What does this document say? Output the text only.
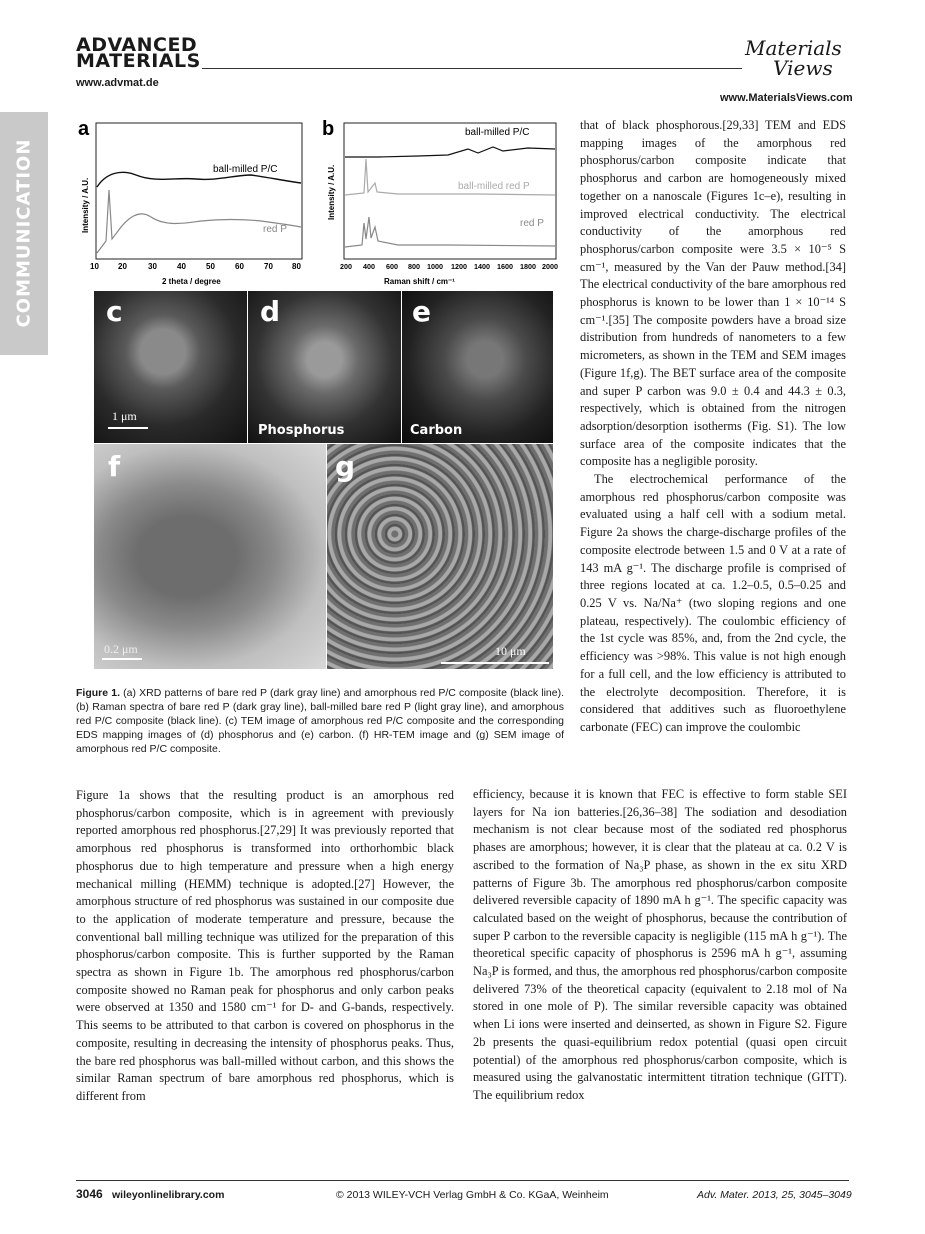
COMMUNICATION
ADVANCED
MATERIALS
www.advmat.de
Materials
Views
www.MaterialsViews.com
a
Intensity / A.U.
ball-milled P/C
red P
10 20	30	40	50	60	70 80
2 theta / degree
b
Intensity / A.U.
ball-milled P/C
ball-milled red P
red P
200 400 600 800 1000 1200 1400 1600 1800 2000
Raman shift / cm⁻¹
c
1 μm
d
Phosphorus
e
Carbon
f
0.2 μm
g
10 μm
Figure 1. (a) XRD patterns of bare red P (dark gray line) and amorphous red P/C composite (black line). (b) Raman spectra of bare red P (dark gray line), ball-milled bare red P (light gray line), and amorphous red P/C composite (black line). (c) TEM image of amorphous red P/C composite and the corresponding EDS mapping images of (d) phosphorus and (e) carbon. (f) HR-TEM image and (g) SEM image of amorphous red P/C composite.

that of black phosphorous.[29,33] TEM and EDS mapping images of the amorphous red phosphorus/carbon composite indicate that phosphorus and carbon are homogeneously mixed together on a nanoscale (Figures 1c–e), resulting in improved electrical conductivity. The electrical conductivity of the amorphous red phosphorus/carbon composite were 3.5 × 10⁻⁵ S cm⁻¹, measured by the Van der Pauw method.[34] The electrical conductivity of the bare amorphous red phosphorus is known to be lower than 1 × 10⁻¹⁴ S cm⁻¹.[35] The composite powders have a broad size distribution from hundreds of nanometers to a few micrometers, as shown in the TEM and SEM images (Figure 1f,g). The BET surface area of the composite and super P carbon was 9.0 ± 0.4 and 44.3 ± 0.3, respectively, which is obtained from the nitrogen adsorption/desorption isotherms (Fig. S1). The low surface area of the composite indicates that the composite has a negligible porosity.

The electrochemical performance of the amorphous red phosphorus/carbon composite was evaluated using a half cell with a sodium metal. Figure 2a shows the charge-discharge profiles of the composite electrode between 1.5 and 0 V at a rate of 143 mA g⁻¹. The discharge profile is comprised of three regions located at ca. 1.2–0.5, 0.5–0.25 and 0.25 V vs. Na/Na⁺ (two sloping regions and one plateau, respectively). The coulombic efficiency of the 1st cycle was 85%, and, from the 2nd cycle, the efficiency was >98%. This value is not high enough for a full cell, and the low efficiency is attributed to the electrolyte decomposition. Therefore, it is considered that additives such as fluoroethylene carbonate (FEC) can improve the coulombic

Figure 1a shows that the resulting product is an amorphous red phosphorus/carbon composite, which is in agreement with previously reported amorphous red phosphorus.[27,29] It was previously reported that amorphous red phosphorus is transformed into orthorhombic black phosphorus due to high temperature and pressure when a high energy mechanical milling (HEMM) technique is adopted.[27] However, the amorphous structure of red phosphorus was sustained in our composite due to the application of moderate temperature and pressure, because the conventional ball milling technique was utilized for the preparation of this phosphorus/carbon composite. This is further supported by the Raman spectra as shown in Figure 1b. The amorphous red phosphorus/carbon composite showed no Raman peak for phosphorus and only carbon peaks were observed at 1350 and 1580 cm⁻¹ for D- and G-bands, respectively. This seems to be attributed to that carbon is covered on phosphorus in the composite, resulting in decreasing the intensity of phosphorus peaks. Thus, the bare red phosphorus was ball-milled without carbon, and this shows the similar Raman spectrum of bare amorphous red phosphorus, which is different from

efficiency, because it is known that FEC is effective to form stable SEI layers for Na ion batteries.[26,36–38] The sodiation and desodiation mechanism is not clear because most of the sodiated red phosphorus phases are amorphous; however, it is clear that the plateau at ca. 0.2 V is ascribed to the formation of Na₃P phase, as shown in the ex situ XRD patterns of Figure 3b. The amorphous red phosphorus/carbon composite delivered reversible capacity of 1890 mA h g⁻¹. The specific capacity was calculated based on the weight of phosphorus, because the contribution of super P carbon to the reversible capacity is negligible (115 mA h g⁻¹). The theoretical specific capacity of phosphorus is 2596 mA h g⁻¹, assuming Na₃P is formed, and thus, the amorphous red phosphorus/carbon composite delivered 73% of the theoretical capacity (equivalent to 2.18 mol of Na stored in one mole of P). The similar reversible capacity was obtained when Li ions were inserted and deinserted, as shown in Figure S2. Figure 2b presents the quasi-equilibrium redox potential (quasi open circuit potential) of the amorphous red phosphorus/carbon composite, which is measured using the galvanostatic intermittent titration technique (GITT). The equilibrium redox

3046 wileyonlinelibrary.com	© 2013 WILEY-VCH Verlag GmbH & Co. KGaA, Weinheim	Adv. Mater. 2013, 25, 3045–3049
